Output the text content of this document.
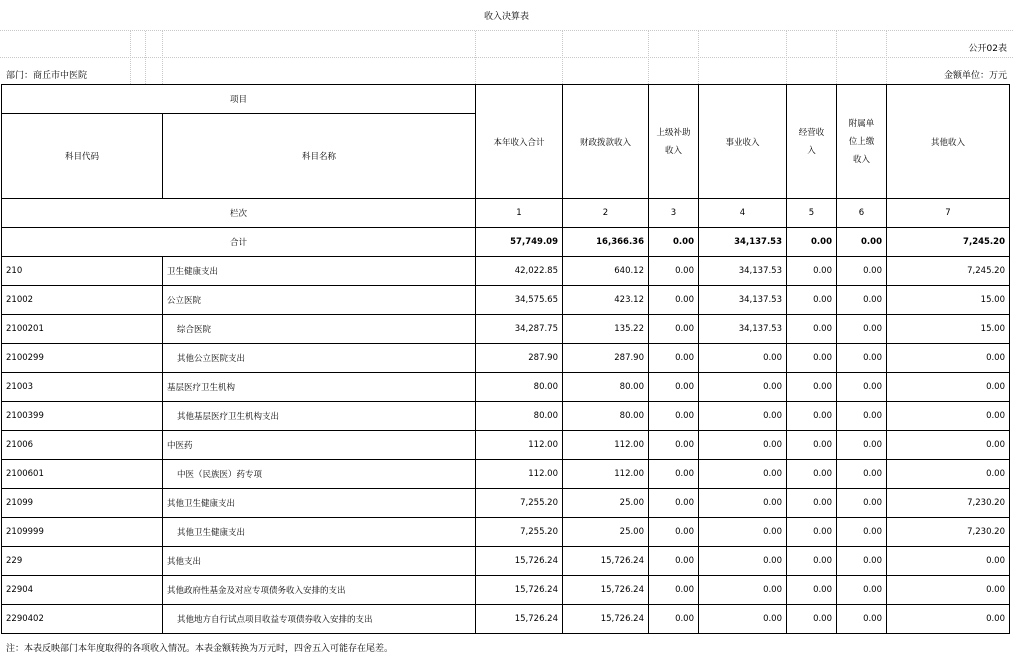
收入决算表
公开02表
部门：商丘市中医院	金额单位：万元
项目		本年收入合计	财政拨款收入	上级补助收入	事业收入	经营收入	附属单位上缴收入	其他收入
科目代码	科目名称							
栏次		1	2	3	4	5	6	7
合计		57,749.09	16,366.36	0.00	34,137.53	0.00	0.00	7,245.20
210	卫生健康支出	42,022.85	640.12	0.00	34,137.53	0.00	0.00	7,245.20
21002	公立医院	34,575.65	423.12	0.00	34,137.53	0.00	0.00	15.00
2100201	综合医院	34,287.75	135.22	0.00	34,137.53	0.00	0.00	15.00
2100299	其他公立医院支出	287.90	287.90	0.00	0.00	0.00	0.00	0.00
21003	基层医疗卫生机构	80.00	80.00	0.00	0.00	0.00	0.00	0.00
2100399	其他基层医疗卫生机构支出	80.00	80.00	0.00	0.00	0.00	0.00	0.00
21006	中医药	112.00	112.00	0.00	0.00	0.00	0.00	0.00
2100601	中医（民族医）药专项	112.00	112.00	0.00	0.00	0.00	0.00	0.00
21099	其他卫生健康支出	7,255.20	25.00	0.00	0.00	0.00	0.00	7,230.20
2109999	其他卫生健康支出	7,255.20	25.00	0.00	0.00	0.00	0.00	7,230.20
229	其他支出	15,726.24	15,726.24	0.00	0.00	0.00	0.00	0.00
22904	其他政府性基金及对应专项债务收入安排的支出	15,726.24	15,726.24	0.00	0.00	0.00	0.00	0.00
2290402	其他地方自行试点项目收益专项债券收入安排的支出	15,726.24	15,726.24	0.00	0.00	0.00	0.00	0.00
注：本表反映部门本年度取得的各项收入情况。本表金额转换为万元时，四舍五入可能存在尾差。
